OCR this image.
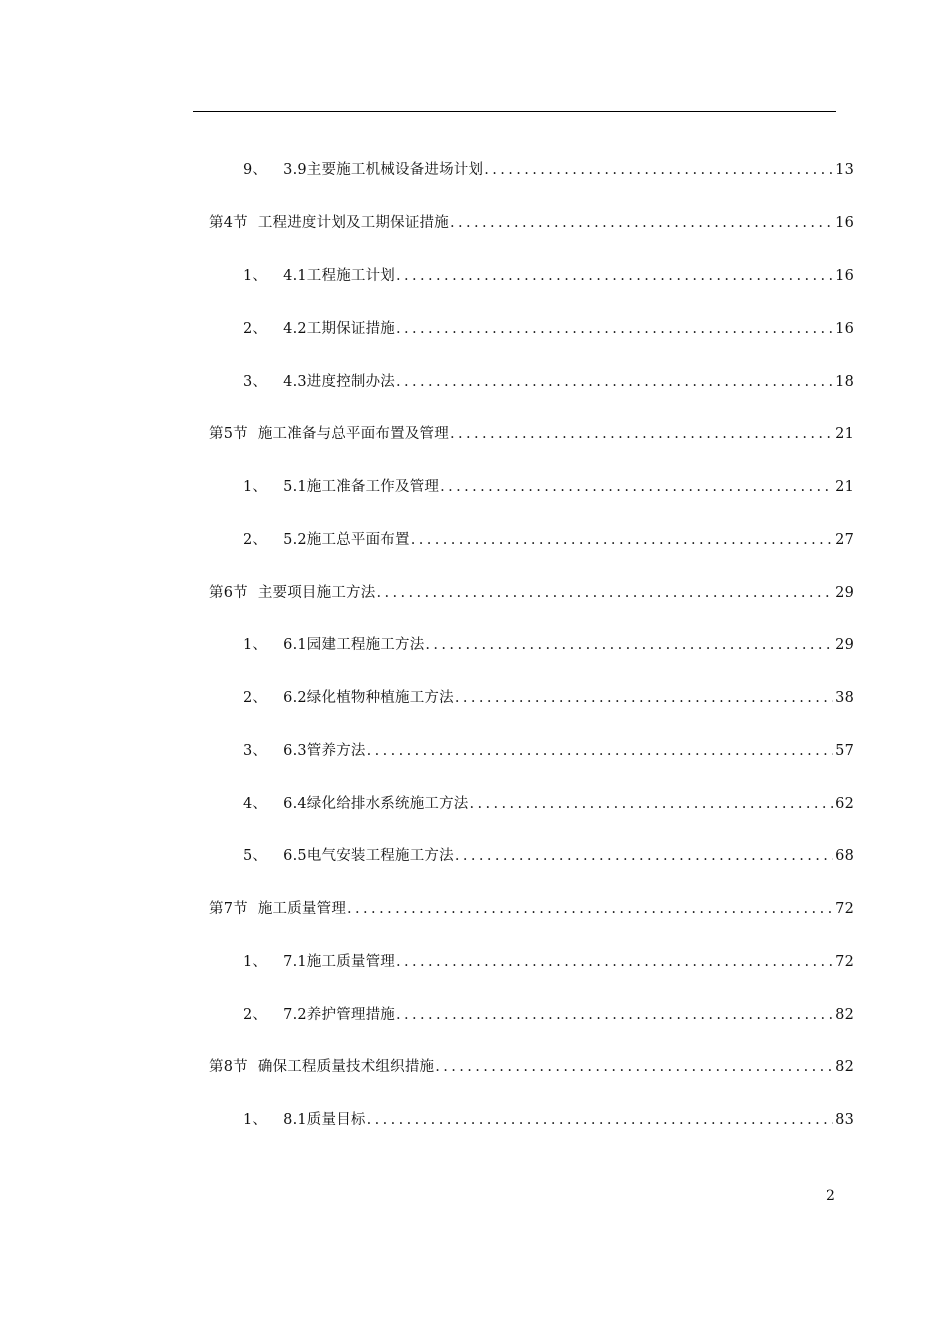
9、 3.9主要施工机械设备进场计划 .....	13
第4节 工程进度计划及工期保证措施 .....	16
1、 4.1工程施工计划 .....	16
2、 4.2工期保证措施 .....	16
3、 4.3进度控制办法 .....	18
第5节 施工准备与总平面布置及管理 .....	21
1、 5.1施工准备工作及管理 .....	21
2、 5.2施工总平面布置 .....	27
第6节 主要项目施工方法 .....	29
1、 6.1园建工程施工方法 .....	29
2、 6.2绿化植物种植施工方法 .....	38
3、 6.3管养方法 .....	57
4、 6.4绿化给排水系统施工方法 .....	62
5、 6.5电气安装工程施工方法 .....	68
第7节 施工质量管理 .....	72
1、 7.1施工质量管理 .....	72
2、 7.2养护管理措施 .....	82
第8节 确保工程质量技术组织措施 .....	82
1、 8.1质量目标 .....	83
2
